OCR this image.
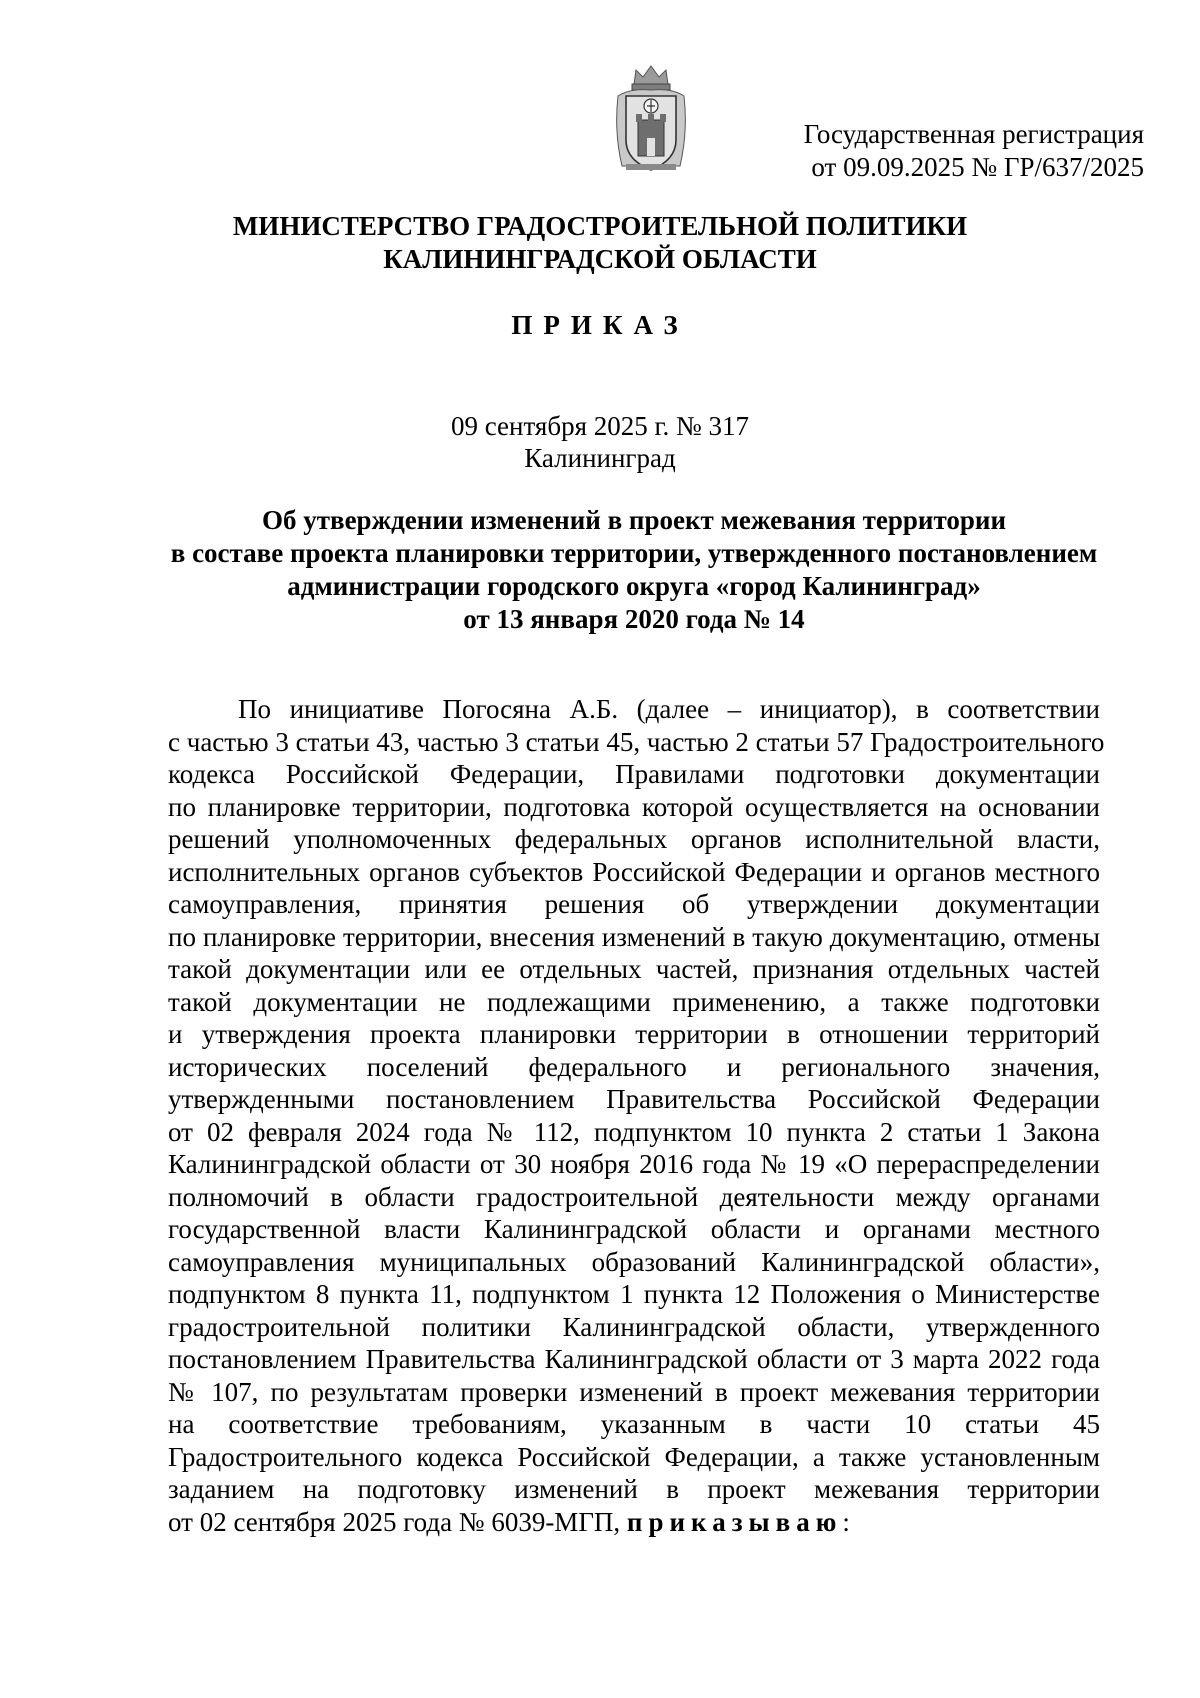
Государственная регистрация
от 09.09.2025 № ГР/637/2025
МИНИСТЕРСТВО ГРАДОСТРОИТЕЛЬНОЙ ПОЛИТИКИ
КАЛИНИНГРАДСКОЙ ОБЛАСТИ
ПРИКАЗ
09 сентября 2025 г. № 317
Калининград
Об утверждении изменений в проект межевания территории
в составе проекта планировки территории, утвержденного постановлением
администрации городского округа «город Калининград»
от 13 января 2020 года № 14
По инициативе Погосяна А.Б. (далее – инициатор), в соответствии
с частью 3 статьи 43, частью 3 статьи 45, частью 2 статьи 57 Градостроительного
кодекса Российской Федерации, Правилами подготовки документации
по планировке территории, подготовка которой осуществляется на основании
решений уполномоченных федеральных органов исполнительной власти,
исполнительных органов субъектов Российской Федерации и органов местного
самоуправления, принятия решения об утверждении документации
по планировке территории, внесения изменений в такую документацию, отмены
такой документации или ее отдельных частей, признания отдельных частей
такой документации не подлежащими применению, а также подготовки
и утверждения проекта планировки территории в отношении территорий
исторических поселений федерального и регионального значения,
утвержденными постановлением Правительства Российской Федерации
от 02 февраля 2024 года № 112, подпунктом 10 пункта 2 статьи 1 Закона
Калининградской области от 30 ноября 2016 года № 19 «О перераспределении
полномочий в области градостроительной деятельности между органами
государственной власти Калининградской области и органами местного
самоуправления муниципальных образований Калининградской области»,
подпунктом 8 пункта 11, подпунктом 1 пункта 12 Положения о Министерстве
градостроительной политики Калининградской области, утвержденного
постановлением Правительства Калининградской области от 3 марта 2022 года
№ 107, по результатам проверки изменений в проект межевания территории
на соответствие требованиям, указанным в части 10 статьи 45
Градостроительного кодекса Российской Федерации, а также установленным
заданием на подготовку изменений в проект межевания территории
от 02 сентября 2025 года № 6039-МГП, приказываю:
